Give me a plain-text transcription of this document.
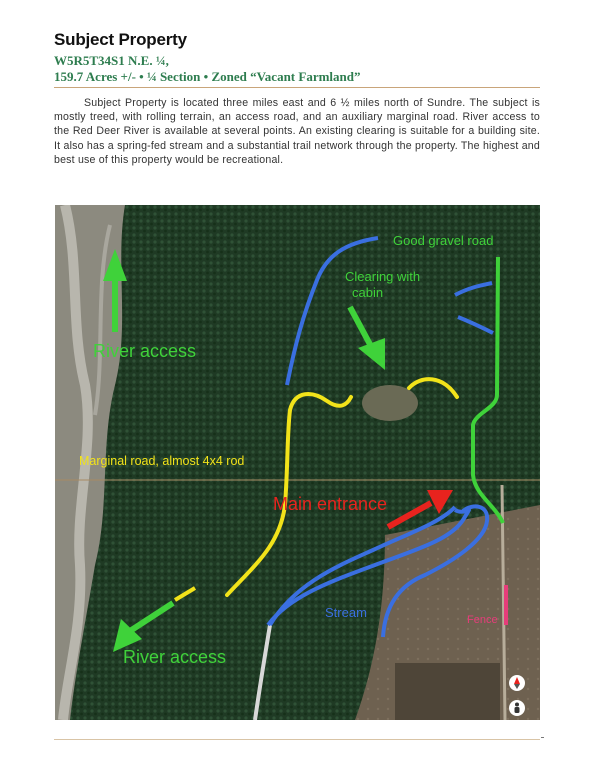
Subject Property
W5R5T34S1 N.E. ¼,
159.7 Acres +/- • ¼ Section • Zoned “Vacant Farmland”
Subject Property is located three miles east and 6 ½ miles north of Sundre. The subject is mostly treed, with rolling terrain, an access road, and an auxiliary marginal road. River access to the Red Deer River is available at several points. An existing clearing is suitable for a building site. It also has a spring-fed stream and a substantial trail network through the property. The highest and best use of this property would be recreational.
Good gravel road
Clearing with
cabin
River access
Marginal road, almost 4x4 rod
Main entrance
Stream	Fence
River access
